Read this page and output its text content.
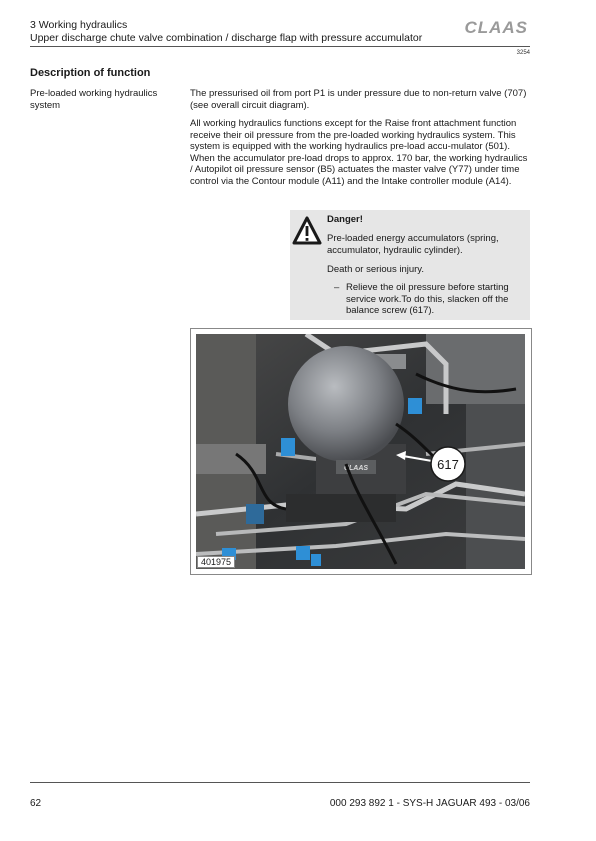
3 Working hydraulics
Upper discharge chute valve combination / discharge flap with pressure accumulator
CLAAS
3254
Description of function
Pre-loaded working hydraulics system
The pressurised oil from port P1 is under pressure due to non-return valve (707) (see overall circuit diagram).
All working hydraulics functions except for the Raise front attachment function receive their oil pressure from the pre-loaded working hydraulics system. This system is equipped with the working hydraulics pre-load accu-mulator (501). When the accumulator pre-load drops to approx. 170 bar, the working hydraulics / Autopilot oil pressure sensor (B5) actuates the master valve (Y77) under time control via the Contour module (A11) and the Intake controller module (A14).
Danger!
Pre-loaded energy accumulators (spring, accumulator, hydraulic cylinder).
Death or serious injury.
– Relieve the oil pressure before starting service work.To do this, slacken off the balance screw (617).
CLAAS	617
401975
62	000 293 892 1 - SYS-H JAGUAR 493 - 03/06
